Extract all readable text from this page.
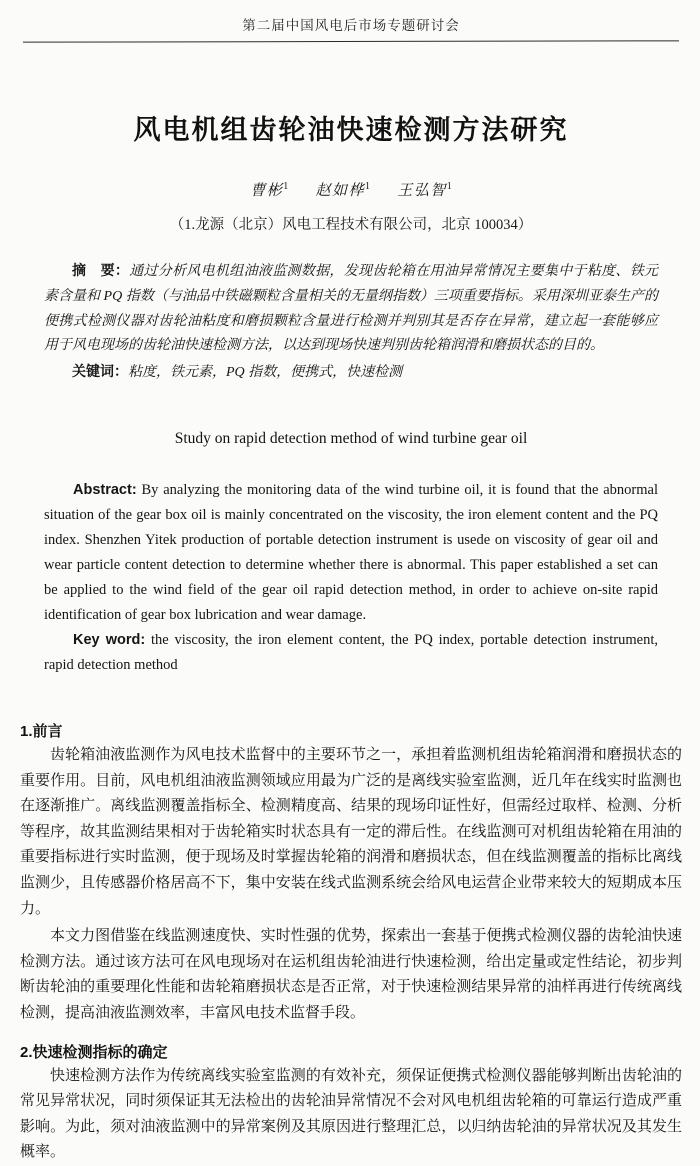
第二届中国风电后市场专题研讨会
风电机组齿轮油快速检测方法研究
曹彬$^1$ 赵如桦$^1$ 王弘智$^1$
（1.龙源（北京）风电工程技术有限公司，北京 100034）

摘　要：通过分析风电机组油液监测数据，发现齿轮箱在用油异常情况主要集中于粘度、铁元素含量和 PQ 指数（与油品中铁磁颗粒含量相关的无量纲指数）三项重要指标。采用深圳亚泰生产的便携式检测仪器对齿轮油粘度和磨损颗粒含量进行检测并判别其是否存在异常，建立起一套能够应用于风电现场的齿轮油快速检测方法，以达到现场快速判别齿轮箱润滑和磨损状态的目的。

关键词：粘度，铁元素，PQ 指数，便携式，快速检测

Study on rapid detection method of wind turbine gear oil

Abstract: By analyzing the monitoring data of the wind turbine oil, it is found that the abnormal situation of the gear box oil is mainly concentrated on the viscosity, the iron element content and the PQ index. Shenzhen Yitek production of portable detection instrument is usede on viscosity of gear oil and wear particle content detection to determine whether there is abnormal. This paper established a set can be applied to the wind field of the gear oil rapid detection method, in order to achieve on-site rapid identification of gear box lubrication and wear damage.

Key word: the viscosity, the iron element content, the PQ index, portable detection instrument, rapid detection method

1.前言

齿轮箱油液监测作为风电技术监督中的主要环节之一，承担着监测机组齿轮箱润滑和磨损状态的重要作用。目前，风电机组油液监测领域应用最为广泛的是离线实验室监测，近几年在线实时监测也在逐渐推广。离线监测覆盖指标全、检测精度高、结果的现场印证性好，但需经过取样、检测、分析等程序，故其监测结果相对于齿轮箱实时状态具有一定的滞后性。在线监测可对机组齿轮箱在用油的重要指标进行实时监测，便于现场及时掌握齿轮箱的润滑和磨损状态，但在线监测覆盖的指标比离线监测少，且传感器价格居高不下，集中安装在线式监测系统会给风电运营企业带来较大的短期成本压力。

本文力图借鉴在线监测速度快、实时性强的优势，探索出一套基于便携式检测仪器的齿轮油快速检测方法。通过该方法可在风电现场对在运机组齿轮油进行快速检测，给出定量或定性结论，初步判断齿轮油的重要理化性能和齿轮箱磨损状态是否正常，对于快速检测结果异常的油样再进行传统离线检测，提高油液监测效率，丰富风电技术监督手段。

2.快速检测指标的确定

快速检测方法作为传统离线实验室监测的有效补充，须保证便携式检测仪器能够判断出齿轮油的常见异常状况，同时须保证其无法检出的齿轮油异常情况不会对风电机组齿轮箱的可靠运行造成严重影响。为此，须对油液监测中的异常案例及其原因进行整理汇总，以归纳齿轮油的异常状况及其发生概率。
